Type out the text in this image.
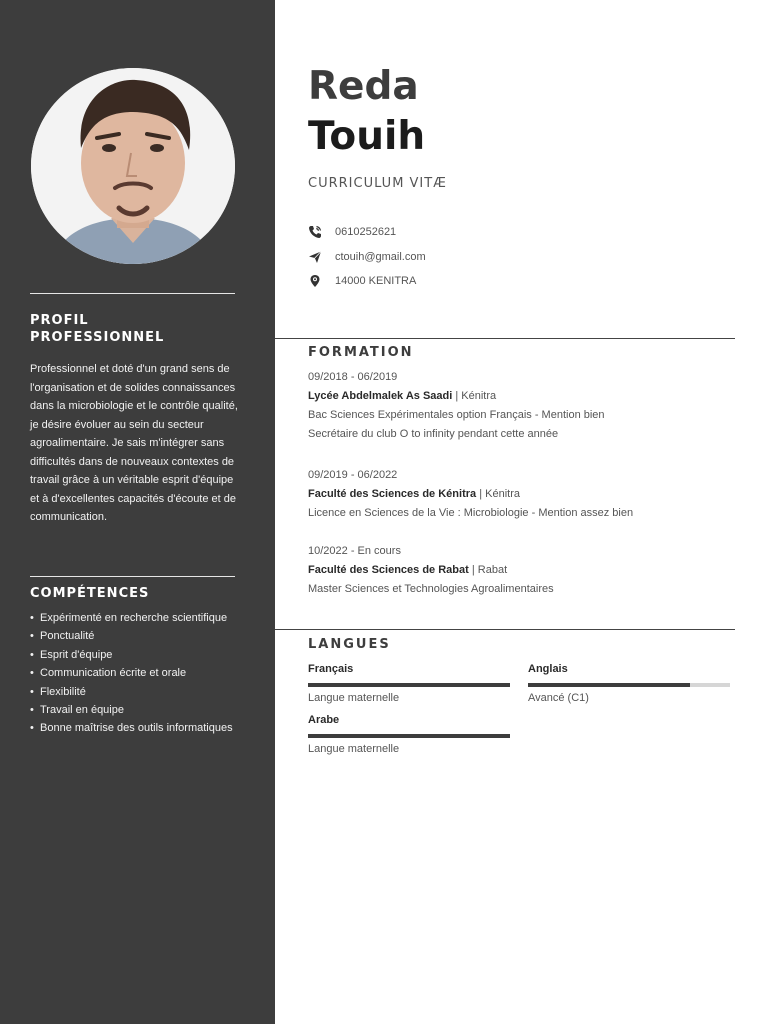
PROFIL
PROFESSIONNEL

Professionnel et doté d'un grand sens de l'organisation et de solides connaissances dans la microbiologie et le contrôle qualité, je désire évoluer au sein du secteur agroalimentaire. Je sais m'intégrer sans difficultés dans de nouveaux contextes de travail grâce à un véritable esprit d'équipe et à d'excellentes capacités d'écoute et de communication.

COMPÉTENCES
• Expérimenté en recherche scientifique
• Ponctualité
• Esprit d'équipe
• Communication écrite et orale
• Flexibilité
• Travail en équipe
• Bonne maîtrise des outils informatiques
Reda
Touih
CURRICULUM VITÆ
0610252621
ctouih@gmail.com
14000 KENITRA
FORMATION
09/2018 - 06/2019
Lycée Abdelmalek As Saadi | Kénitra
Bac Sciences Expérimentales option Français - Mention bien
Secrétaire du club O to infinity pendant cette année
09/2019 - 06/2022
Faculté des Sciences de Kénitra | Kénitra
Licence en Sciences de la Vie : Microbiologie - Mention assez bien
10/2022 - En cours
Faculté des Sciences de Rabat | Rabat
Master Sciences et Technologies Agroalimentaires
LANGUES
Français
Langue maternelle
Anglais
Avancé (C1)
Arabe
Langue maternelle
